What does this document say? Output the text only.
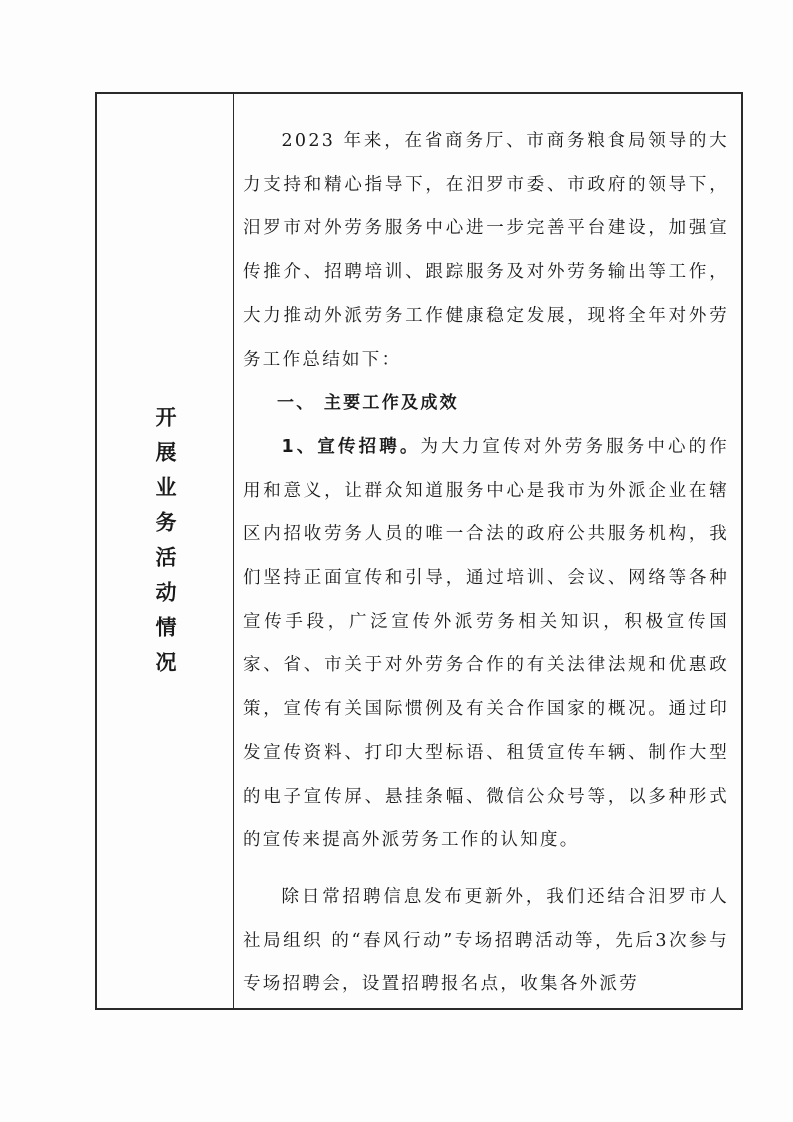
开展业务活动情况

2023 年来，在省商务厅、市商务粮食局领导的大力支持和精心指导下，在汨罗市委、市政府的领导下，汨罗市对外劳务服务中心进一步完善平台建设，加强宣传推介、招聘培训、跟踪服务及对外劳务输出等工作，大力推动外派劳务工作健康稳定发展，现将全年对外劳务工作总结如下：

一、 主要工作及成效

1、宣传招聘。为大力宣传对外劳务服务中心的作用和意义，让群众知道服务中心是我市为外派企业在辖区内招收劳务人员的唯一合法的政府公共服务机构，我们坚持正面宣传和引导，通过培训、会议、网络等各种宣传手段，广泛宣传外派劳务相关知识，积极宣传国家、省、市关于对外劳务合作的有关法律法规和优惠政策，宣传有关国际惯例及有关合作国家的概况。通过印发宣传资料、打印大型标语、租赁宣传车辆、制作大型的电子宣传屏、悬挂条幅、微信公众号等，以多种形式的宣传来提高外派劳务工作的认知度。

除日常招聘信息发布更新外，我们还结合汨罗市人社局组织 的“春风行动”专场招聘活动等，先后3次参与专场招聘会，设置招聘报名点，收集各外派劳
